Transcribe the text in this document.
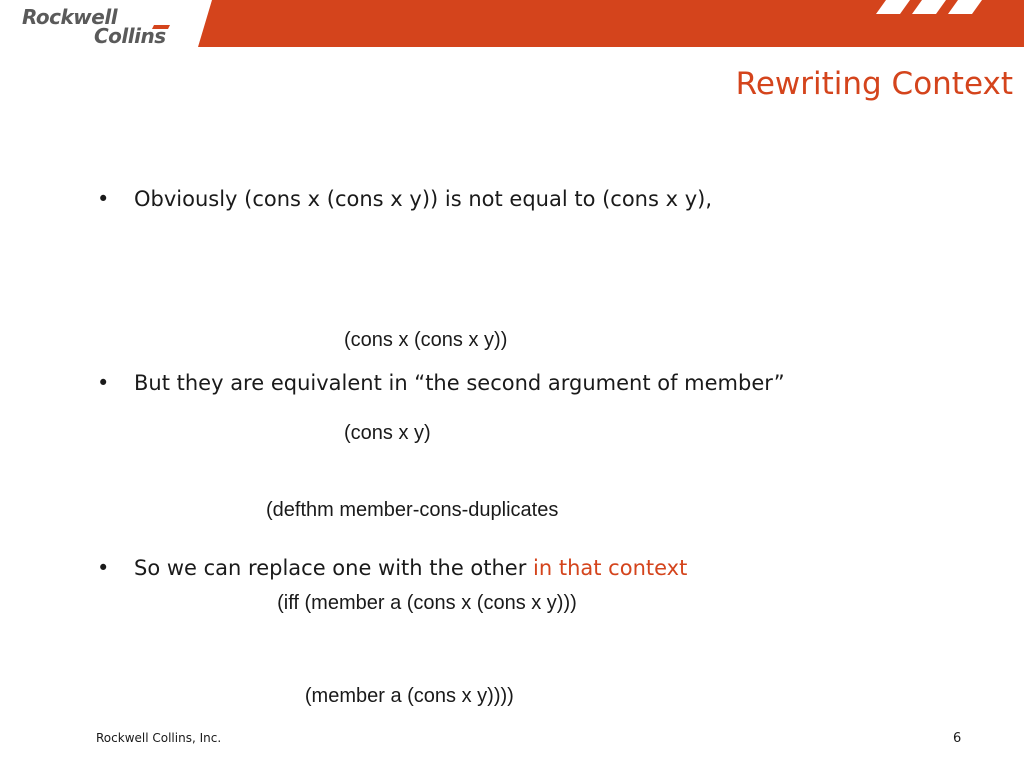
Rockwell
Collins
Rewriting Context
• Obviously (cons x (cons x y)) is not equal to (cons x y),

(cons x (cons x y))

(cons x y)

• But they are equivalent in “the second argument of member”

(defthm member-cons-duplicates

(iff (member a (cons x (cons x y)))

(member a (cons x y))))

• So we can replace one with the other in that context
Rockwell Collins, Inc.	6
